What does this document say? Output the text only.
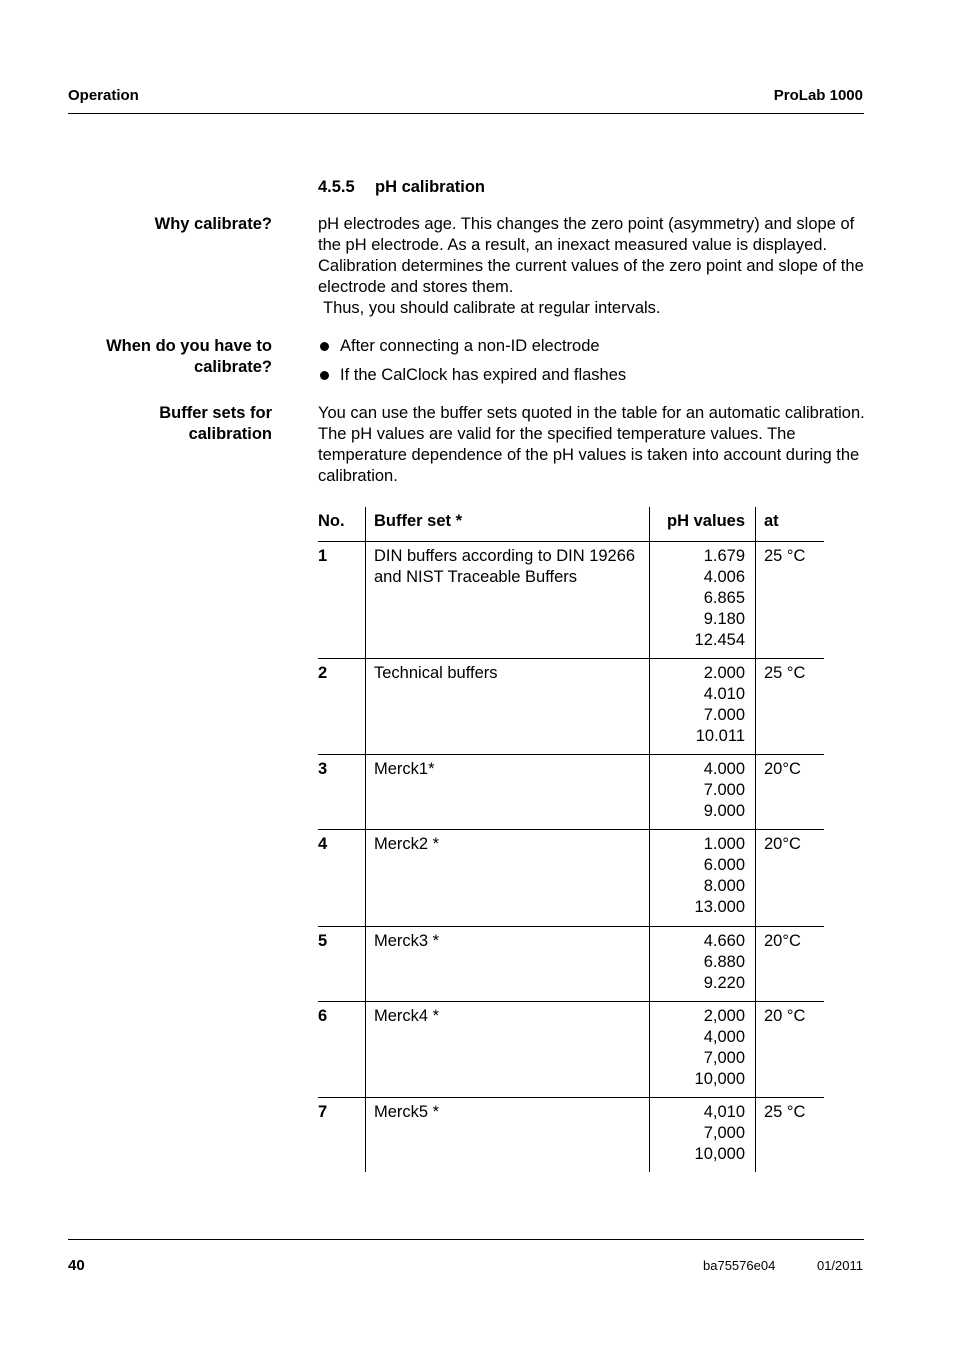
Operation	ProLab 1000
4.5.5 pH calibration
Why calibrate?	pH electrodes age. This changes the zero point (asymmetry) and slope of the pH electrode. As a result, an inexact measured value is displayed. Calibration determines the current values of the zero point and slope of the electrode and stores them.
Thus, you should calibrate at regular intervals.
When do you have to
calibrate?
After connecting a non-ID electrode
If the CalClock has expired and flashes
Buffer sets for
calibration
You can use the buffer sets quoted in the table for an automatic calibration. The pH values are valid for the specified temperature values. The temperature dependence of the pH values is taken into account during the calibration.
No.	Buffer set *	pH values	at
1	DIN buffers according to DIN 19266 and NIST Traceable Buffers	1.679
4.006
6.865
9.180
12.454	25 °C
2	Technical buffers	2.000
4.010
7.000
10.011	25 °C
3	Merck1*	4.000
7.000
9.000	20°C
4	Merck2 *	1.000
6.000
8.000
13.000	20°C
5	Merck3 *	4.660
6.880
9.220	20°C
6	Merck4 *	2,000
4,000
7,000
10,000	20 °C
7	Merck5 *	4,010
7,000
10,000	25 °C
40	ba75576e04	01/2011
